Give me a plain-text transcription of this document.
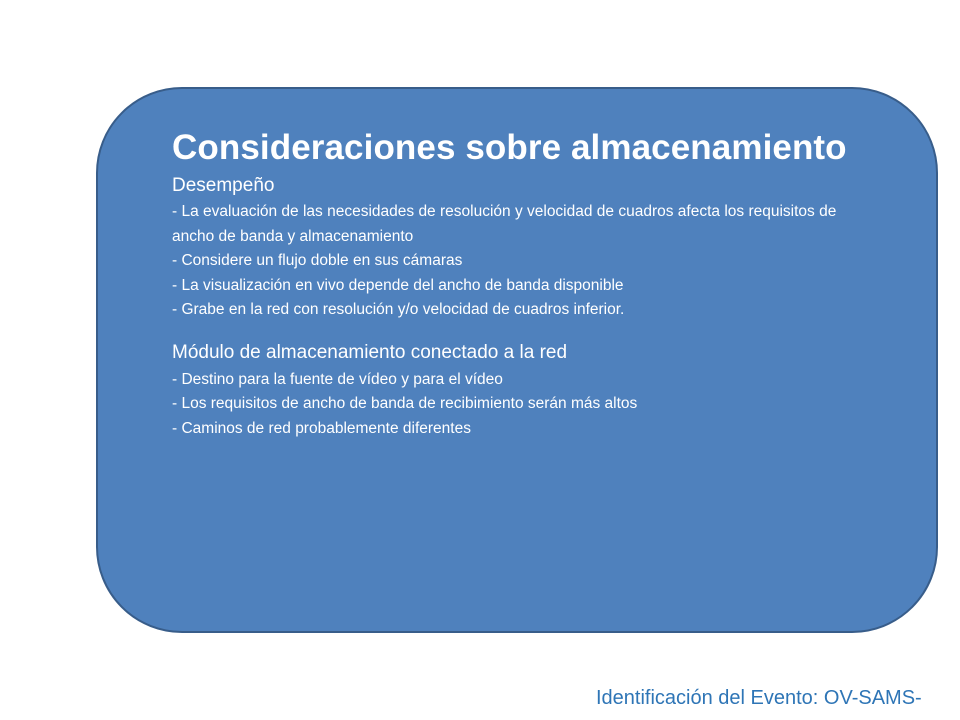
Consideraciones sobre almacenamiento
Desempeño

- La evaluación de las necesidades de resolución y velocidad de cuadros afecta los requisitos de ancho de banda y almacenamiento

- Considere un flujo doble en sus cámaras

- La visualización en vivo depende del ancho de banda disponible

- Grabe en la red con resolución y/o velocidad de cuadros inferior.

Módulo de almacenamiento conectado a la red

- Destino para la fuente de vídeo y para el vídeo

- Los requisitos de ancho de banda de recibimiento serán más altos

- Caminos de red probablemente diferentes

Identificación del Evento: OV-SAMS-
